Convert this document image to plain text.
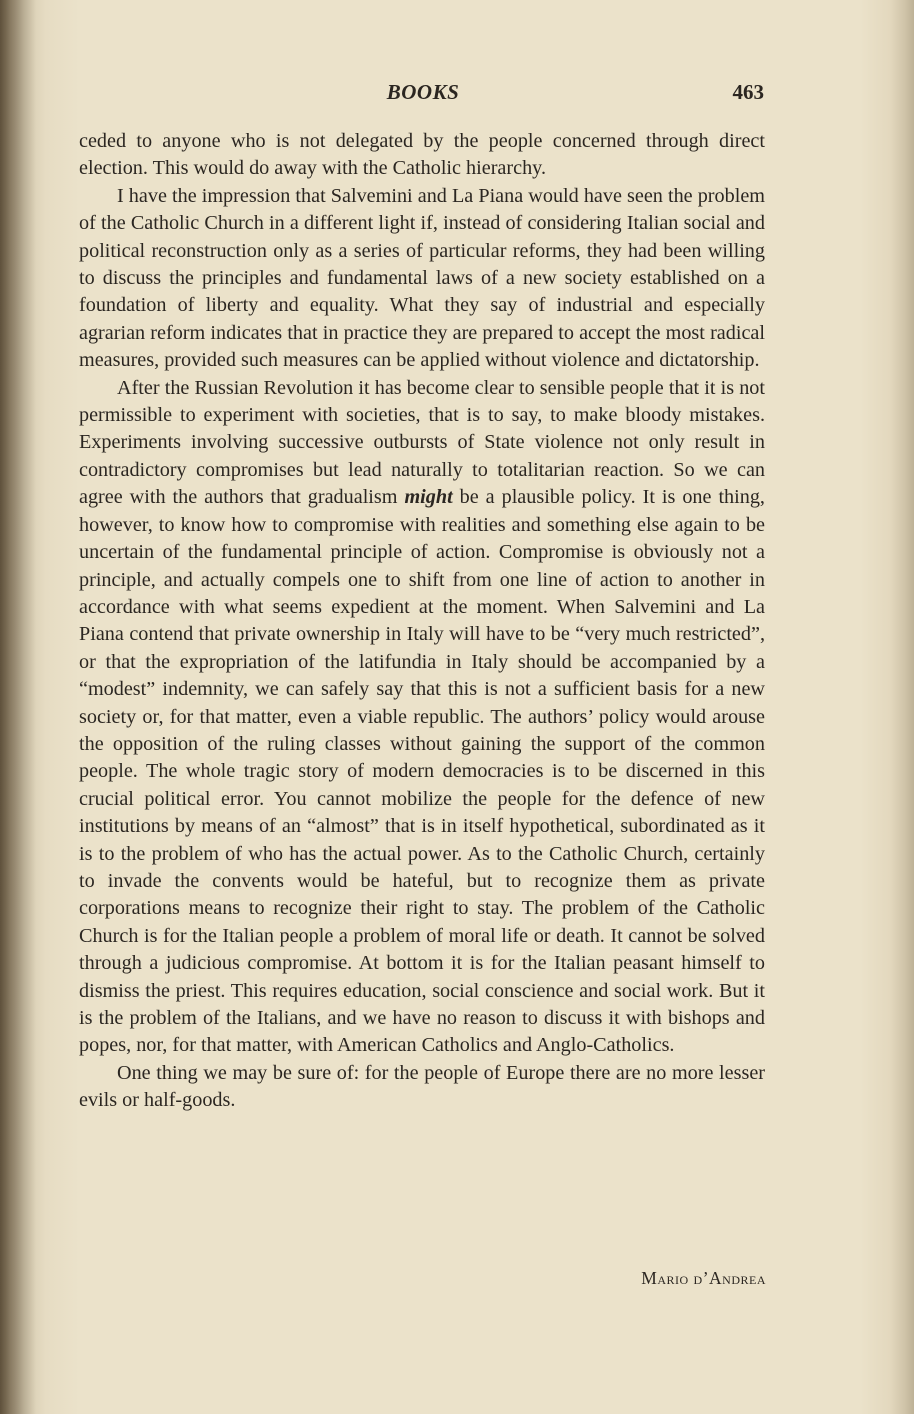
BOOKS	463

ceded to anyone who is not delegated by the people concerned through direct election. This would do away with the Catholic hierarchy.

I have the impression that Salvemini and La Piana would have seen the problem of the Catholic Church in a different light if, instead of considering Italian social and political reconstruction only as a series of particular reforms, they had been willing to discuss the principles and fundamental laws of a new society established on a foundation of liberty and equality. What they say of industrial and especially agrarian reform indicates that in practice they are prepared to accept the most radical measures, provided such measures can be applied without violence and dictatorship.

After the Russian Revolution it has become clear to sensible people that it is not permissible to experiment with societies, that is to say, to make bloody mistakes. Experiments involving successive outbursts of State violence not only result in contradictory compromises but lead naturally to totalitarian reaction. So we can agree with the authors that gradualism might be a plausible policy. It is one thing, however, to know how to compromise with realities and something else again to be uncertain of the fundamental principle of action. Compromise is obviously not a principle, and actually compels one to shift from one line of action to another in accordance with what seems expedient at the moment. When Salvemini and La Piana contend that private ownership in Italy will have to be “very much restricted”, or that the expropriation of the latifundia in Italy should be accompanied by a “modest” indemnity, we can safely say that this is not a sufficient basis for a new society or, for that matter, even a viable republic. The authors’ policy would arouse the opposition of the ruling classes without gaining the support of the common people. The whole tragic story of modern democracies is to be discerned in this crucial political error. You cannot mobilize the people for the defence of new institutions by means of an “almost” that is in itself hypothetical, subordinated as it is to the problem of who has the actual power. As to the Catholic Church, certainly to invade the convents would be hateful, but to recognize them as private corporations means to recognize their right to stay. The problem of the Catholic Church is for the Italian people a problem of moral life or death. It cannot be solved through a judicious compromise. At bottom it is for the Italian peasant himself to dismiss the priest. This requires education, social conscience and social work. But it is the problem of the Italians, and we have no reason to discuss it with bishops and popes, nor, for that matter, with American Catholics and Anglo-Catholics.

One thing we may be sure of: for the people of Europe there are no more lesser evils or half-goods.

Mario d’Andrea
